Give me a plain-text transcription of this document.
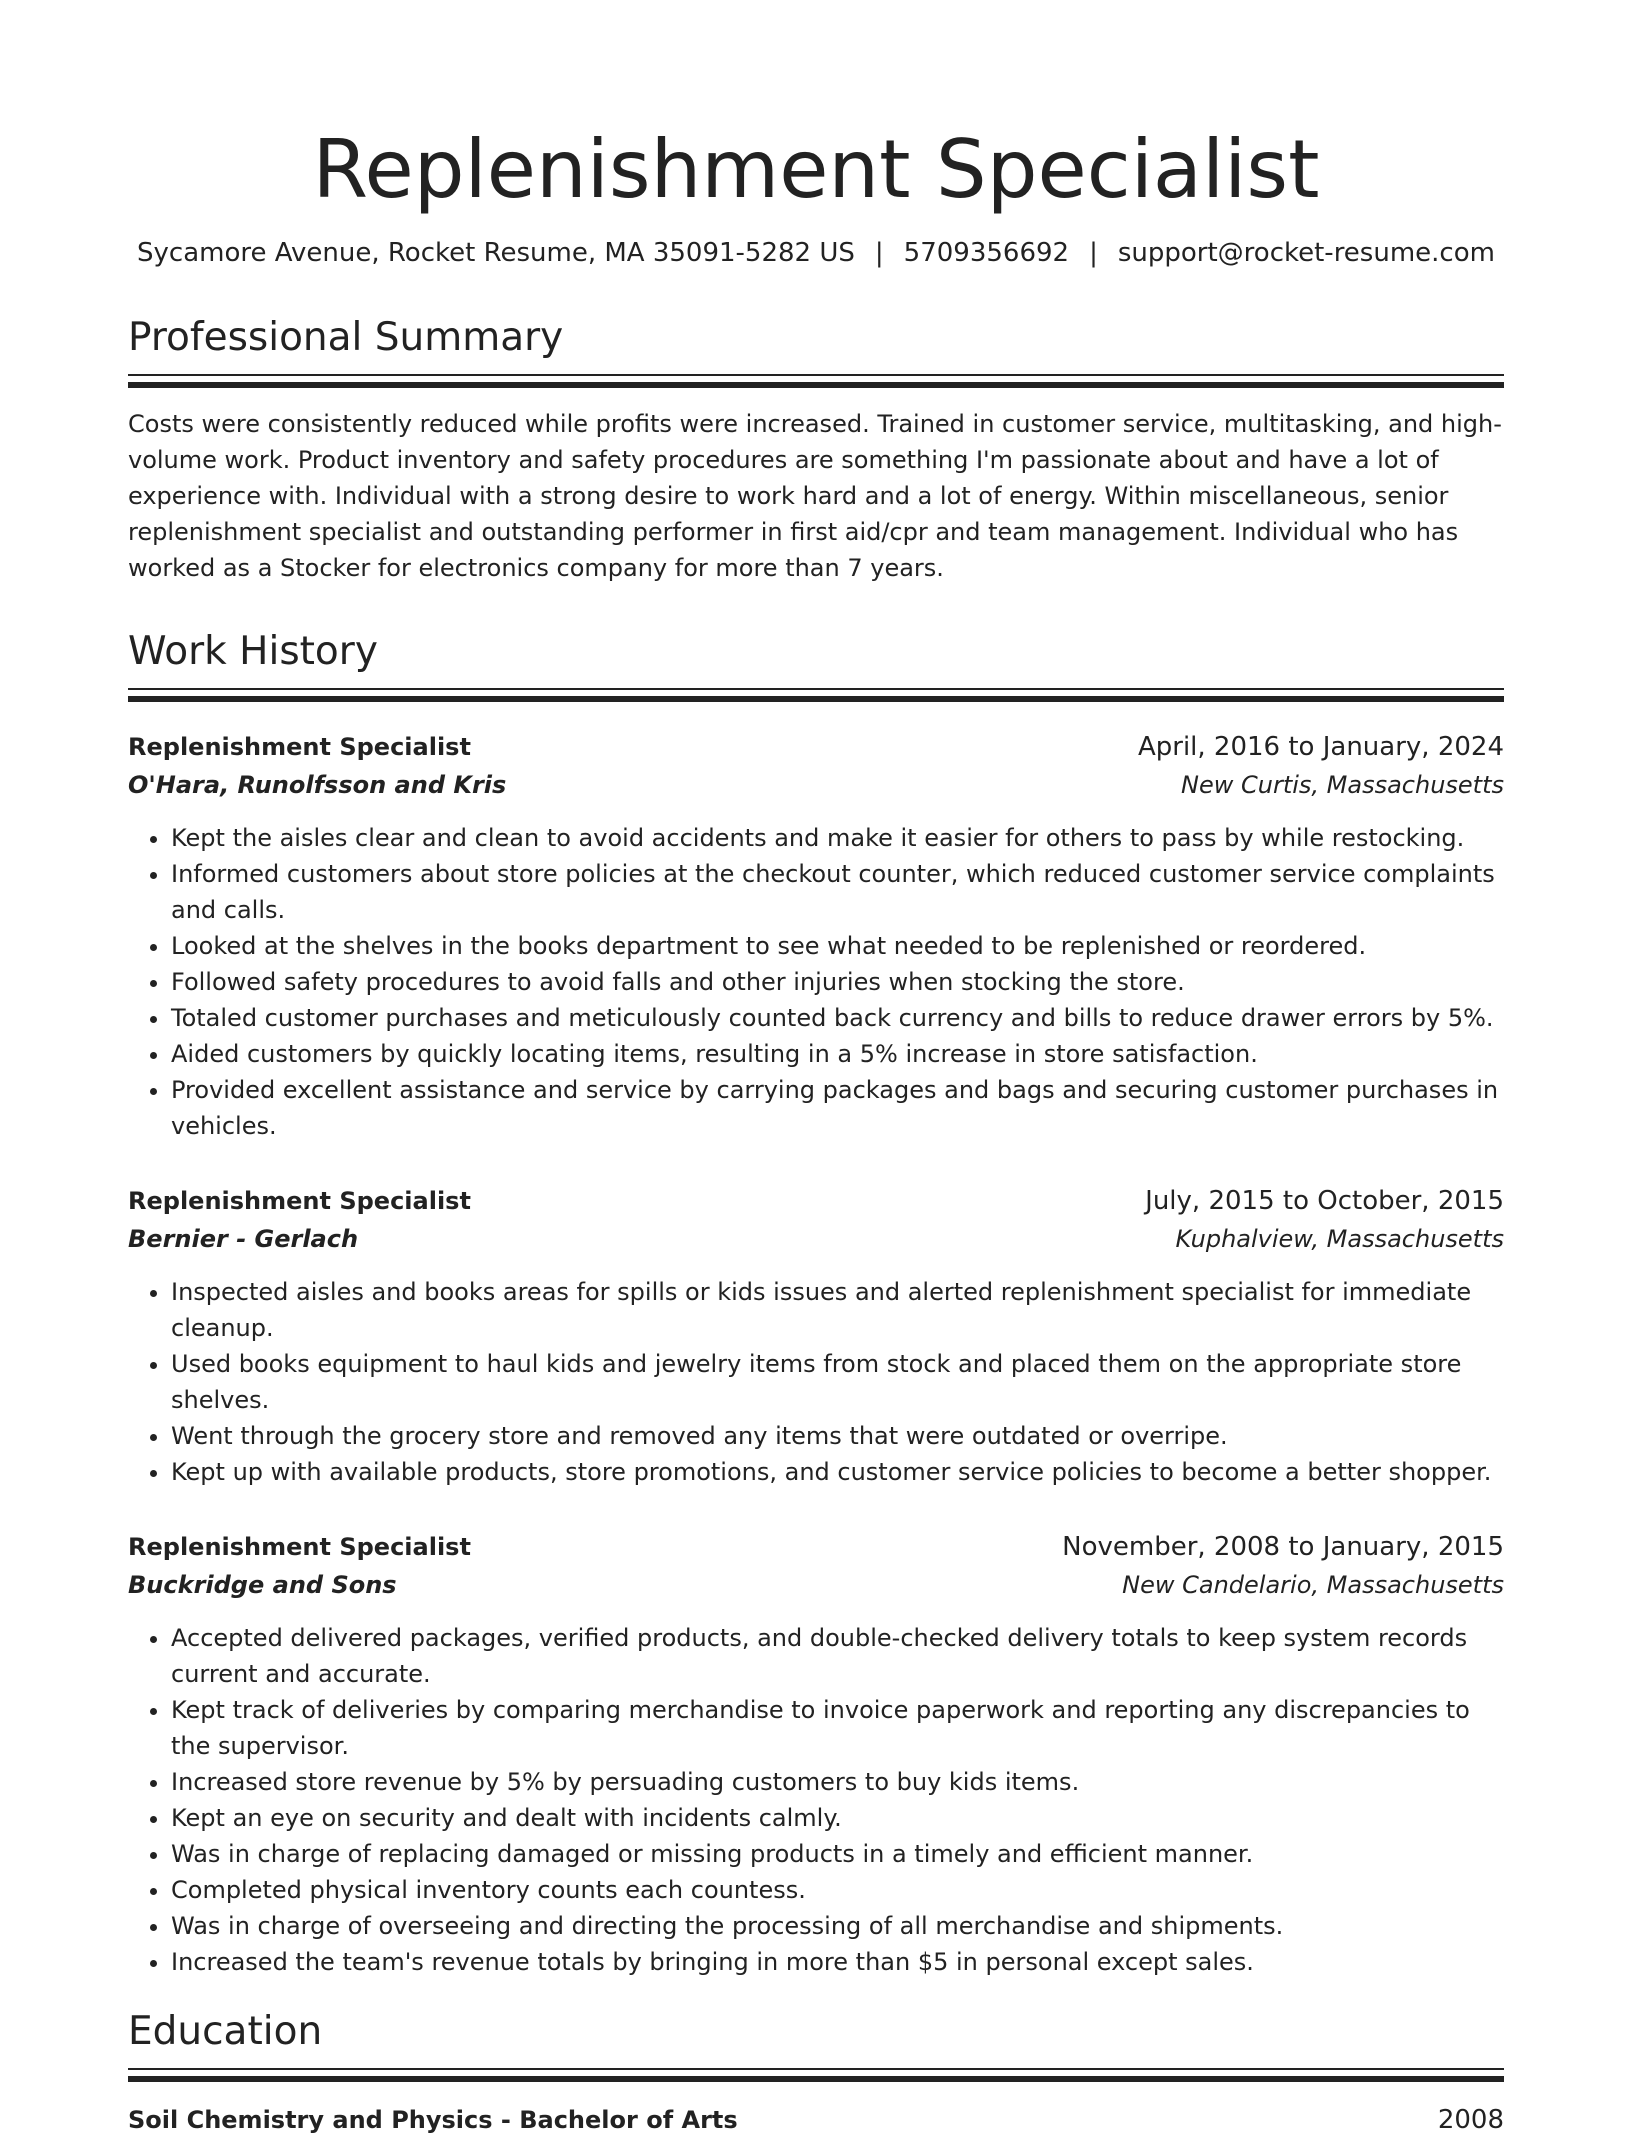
Replenishment Specialist
Sycamore Avenue, Rocket Resume, MA 35091-5282 US | 5709356692 | support@rocket-resume.com
Professional Summary

Costs were consistently reduced while profits were increased. Trained in customer service, multitasking, and high-volume work. Product inventory and safety procedures are something I'm passionate about and have a lot of experience with. Individual with a strong desire to work hard and a lot of energy. Within miscellaneous, senior replenishment specialist and outstanding performer in first aid/cpr and team management. Individual who has worked as a Stocker for electronics company for more than 7 years.

Work History
Replenishment Specialist	April, 2016 to January, 2024
O'Hara, Runolfsson and Kris	New Curtis, Massachusetts
• Kept the aisles clear and clean to avoid accidents and make it easier for others to pass by while restocking.
• Informed customers about store policies at the checkout counter, which reduced customer service complaints and calls.
• Looked at the shelves in the books department to see what needed to be replenished or reordered.
• Followed safety procedures to avoid falls and other injuries when stocking the store.
• Totaled customer purchases and meticulously counted back currency and bills to reduce drawer errors by 5%.
• Aided customers by quickly locating items, resulting in a 5% increase in store satisfaction.
• Provided excellent assistance and service by carrying packages and bags and securing customer purchases in vehicles.
Replenishment Specialist	July, 2015 to October, 2015
Bernier - Gerlach	Kuphalview, Massachusetts
• Inspected aisles and books areas for spills or kids issues and alerted replenishment specialist for immediate cleanup.
• Used books equipment to haul kids and jewelry items from stock and placed them on the appropriate store shelves.
• Went through the grocery store and removed any items that were outdated or overripe.
• Kept up with available products, store promotions, and customer service policies to become a better shopper.
Replenishment Specialist	November, 2008 to January, 2015
Buckridge and Sons	New Candelario, Massachusetts
• Accepted delivered packages, verified products, and double-checked delivery totals to keep system records current and accurate.
• Kept track of deliveries by comparing merchandise to invoice paperwork and reporting any discrepancies to the supervisor.
• Increased store revenue by 5% by persuading customers to buy kids items.
• Kept an eye on security and dealt with incidents calmly.
• Was in charge of replacing damaged or missing products in a timely and efficient manner.
• Completed physical inventory counts each countess.
• Was in charge of overseeing and directing the processing of all merchandise and shipments.
• Increased the team's revenue totals by bringing in more than $5 in personal except sales.
Education
Soil Chemistry and Physics - Bachelor of Arts	2008
